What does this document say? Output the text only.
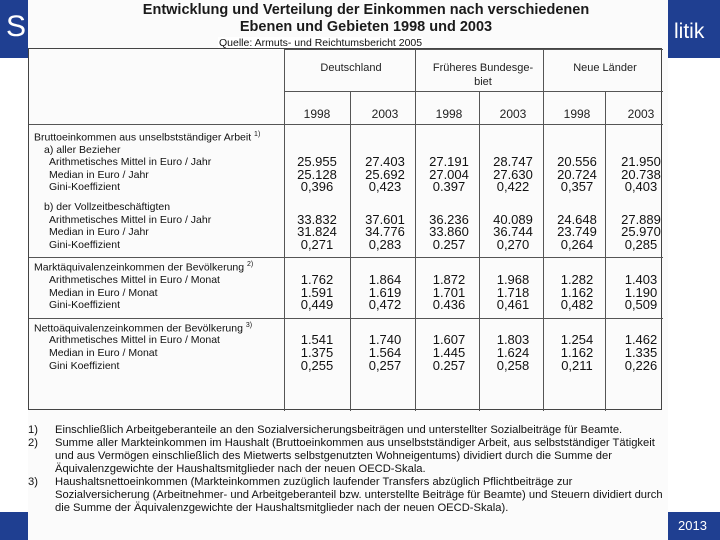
S	litik
2013
Entwicklung und Verteilung der Einkommen nach verschiedenen
Ebenen und Gebieten 1998 und 2003
Quelle: Armuts- und Reichtumsbericht 2005
Deutschland	Früheres Bundesge-
biet
Neue Länder
1998	2003	1998	2003	1998	2003
Bruttoeinkommen aus unselbstständiger Arbeit $^{1)}$
a) aller Bezieher
Arithmetisches Mittel in Euro / Jahr	25.955	27.403	27.191	28.747	20.556	21.950
Median in Euro / Jahr	25.128	25.692	27.004	27.630	20.724	20.738
Gini-Koeffizient	0,396	0,423	0.397	0,422	0,357	0,403
b) der Vollzeitbeschäftigten
Arithmetisches Mittel in Euro / Jahr	33.832	37.601	36.236	40.089	24.648	27.889
Median in Euro / Jahr	31.824	34.776	33.860	36.744	23.749	25.970
Gini-Koeffizient	0,271	0,283	0.257	0,270	0,264	0,285
Marktäquivalenzeinkommen der Bevölkerung $^{2)}$
Arithmetisches Mittel in Euro / Monat	1.762	1.864	1.872	1.968	1.282	1.403
Median in Euro / Monat	1.591	1.619	1.701	1.718	1.162	1.190
Gini-Koeffizient	0,449	0,472	0.436	0,461	0,482	0,509
Nettoäquivalenzeinkommen der Bevölkerung $^{3)}$
Arithmetisches Mittel in Euro / Monat	1.541	1.740	1.607	1.803	1.254	1.462
Median in Euro / Monat	1.375	1.564	1.445	1.624	1.162	1.335
Gini Koeffizient	0,255	0,257	0.257	0,258	0,211	0,226
1) Einschließlich Arbeitgeberanteile an den Sozialversicherungsbeiträgen und unterstellter Sozialbeiträge für Beamte.
2) Summe aller Markteinkommen im Haushalt (Bruttoeinkommen aus unselbstständiger Arbeit, aus selbstständiger Tätigkeit und aus Vermögen einschließlich des Mietwerts selbstgenutzten Wohneigentums) dividiert durch die Summe der Äquivalenzgewichte der Haushaltsmitglieder nach der neuen OECD-Skala.
3) Haushaltsnettoeinkommen (Markteinkommen zuzüglich laufender Transfers abzüglich Pflichtbeiträge zur Sozialversicherung (Arbeitnehmer- und Arbeitgeberanteil bzw. unterstellte Beiträge für Beamte) und Steuern dividiert durch die Summe der Äquivalenzgewichte der Haushaltsmitglieder nach der neuen OECD-Skala).
